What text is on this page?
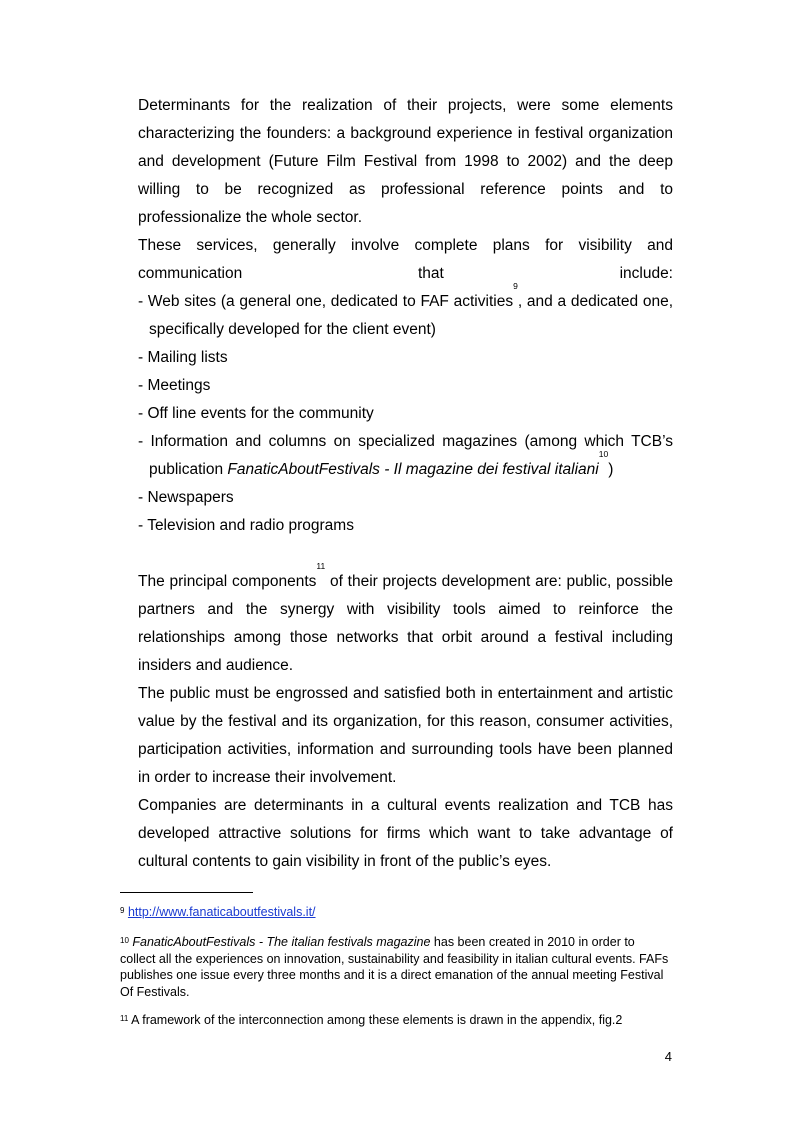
Determinants for the realization of their projects, were some elements characterizing the founders: a background experience in festival organization and development (Future Film Festival from 1998 to 2002) and the deep willing to be recognized as professional reference points and to professionalize the whole sector.

These services, generally involve complete plans for visibility and communication that include:

- Web sites (a general one, dedicated to FAF activities$^9$, and a dedicated one, specifically developed for the client event)
- Mailing lists
- Meetings
- Off line events for the community
- Information and columns on specialized magazines (among which TCB’s publication FanaticAboutFestivals - Il magazine dei festival italiani$^{10}$)
- Newspapers
- Television and radio programs

The principal components$^{11}$ of their projects development are: public, possible partners and the synergy with visibility tools aimed to reinforce the relationships among those networks that orbit around a festival including insiders and audience.

The public must be engrossed and satisfied both in entertainment and artistic value by the festival and its organization, for this reason, consumer activities, participation activities, information and surrounding tools have been planned in order to increase their involvement.

Companies are determinants in a cultural events realization and TCB has developed attractive solutions for firms which want to take advantage of cultural contents to gain visibility in front of the public’s eyes.

$^9$ http://www.fanaticaboutfestivals.it/

$^{10}$ FanaticAboutFestivals - The italian festivals magazine has been created in 2010 in order to collect all the experiences on innovation, sustainability and feasibility in italian cultural events. FAFs publishes one issue every three months and it is a direct emanation of the annual meeting Festival Of Festivals.

$^{11}$ A framework of the interconnection among these elements is drawn in the appendix, fig.2

4
